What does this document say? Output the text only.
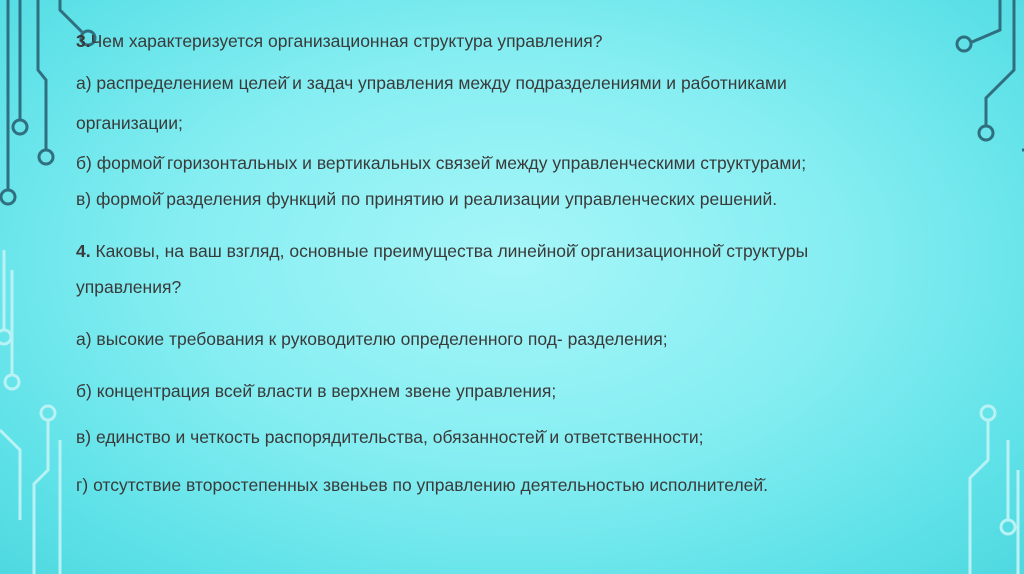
3.Чем характеризуется организационная структура управления?
а) распределением целей̆ и задач управления между подразделениями и работниками
организации;
б) формой̆ горизонтальных и вертикальных связей̆ между управленческими структурами;
в) формой̆ разделения функций по принятию и реализации управленческих решений.
4. Каковы, на ваш взгляд, основные преимущества линейной̆ организационной̆ структуры
управления?
а) высокие требования к руководителю определенного под- разделения;
б) концентрация всей̆ власти в верхнем звене управления;
в) единство и четкость распорядительства, обязанностей̆ и ответственности;
г) отсутствие второстепенных звеньев по управлению деятельностью исполнителей̆.
